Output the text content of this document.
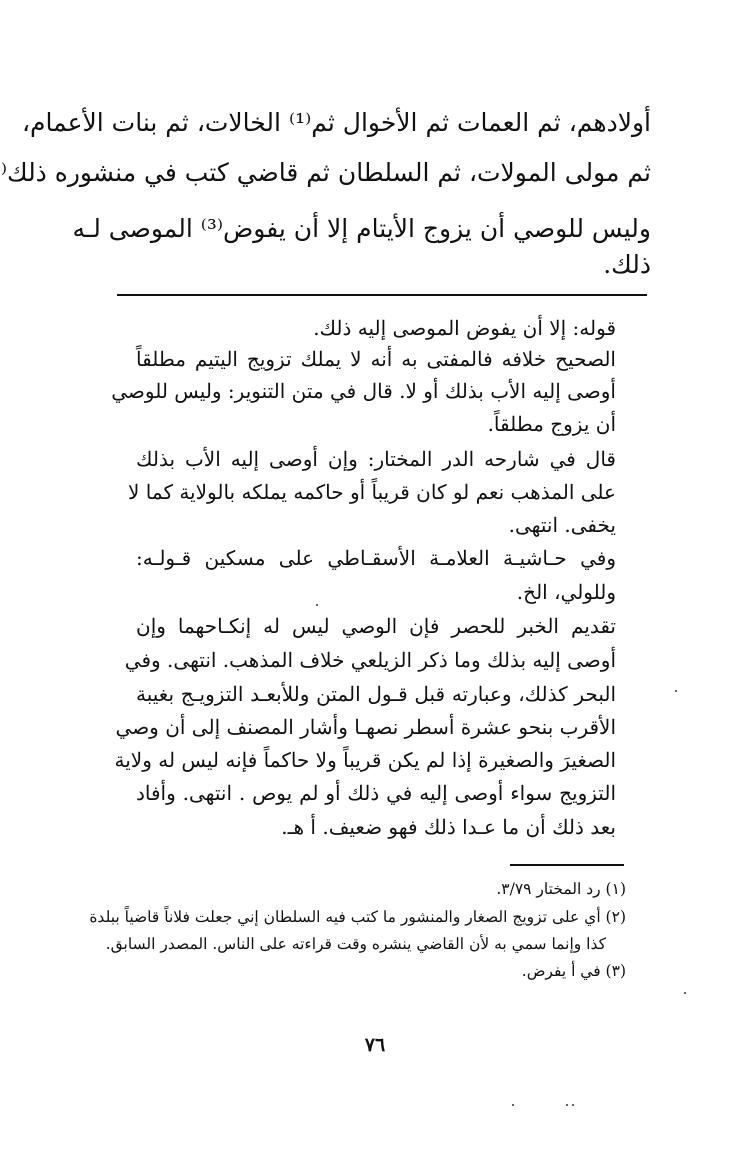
أولادهم، ثم العمات ثم الأخوال ثم⁽¹⁾ الخالات، ثم بنات الأعمام،

ثم مولى المولات، ثم السلطان ثم قاضي كتب في منشوره ذلك⁽

وليس للوصي أن يزوج الأيتام إلا أن يفوض⁽³⁾ الموصى لـه

ذلك.

قوله: إلا أن يفوض الموصى إليه ذلك.

الصحيح خلافه فالمفتى به أنه لا يملك تزويج اليتيم مطلقاً

أوصى إليه الأب بذلك أو لا. قال في متن التنوير: وليس للوصي

أن يزوج مطلقاً.

قال في شارحه الدر المختار: وإن أوصى إليه الأب بذلك

على المذهب نعم لو كان قريباً أو حاكمه يملكه بالولاية كما لا

يخفى. انتهى.

وفي حـاشيـة العلامـة الأسقـاطي على مسكين قـولـه:

وللولي، الخ.

تقديم الخبر للحصر فإن الوصي ليس له إنكـاحهما وإن

أوصى إليه بذلك وما ذكر الزيلعي خلاف المذهب. انتهى. وفي

البحر كذلك، وعبارته قبل قـول المتن وللأبعـد التزويـج بغيبة

الأقرب بنحو عشرة أسطر نصهـا وأشار المصنف إلى أن وصي

الصغيرَ والصغيرة إذا لم يكن قريباً ولا حاكماً فإنه ليس له ولاية

التزويج سواء أوصى إليه في ذلك أو لم يوص . انتهى. وأفاد

بعد ذلك أن ما عـدا ذلك فهو ضعيف. أ هـ.

(١) رد المختار ٣/٧٩.

(٢) أي على تزويج الصغار والمنشور ما كتب فيه السلطان إني جعلت فلاناً قاضياً ببلدة

كذا وإنما سمي به لأن القاضي ينشره وقت قراءته على الناس. المصدر السابق.

(٣) في أ يفرض.

٧٦
